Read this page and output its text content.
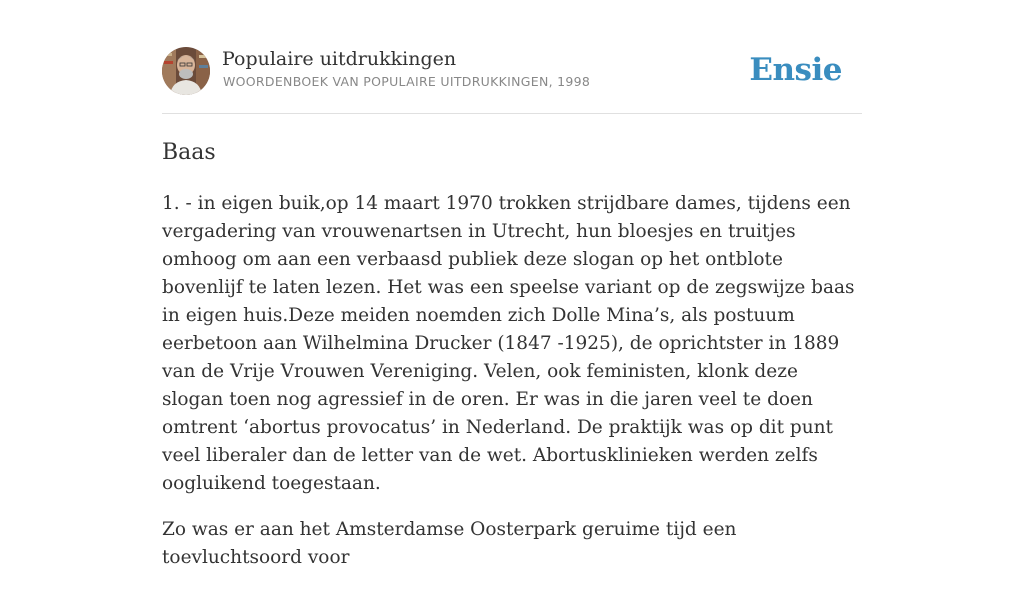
Populaire uitdrukkingen
WOORDENBOEK VAN POPULAIRE UITDRUKKINGEN, 1998	Ensie
Baas

1. - in eigen buik,op 14 maart 1970 trokken strijdbare dames, tijdens een vergadering van vrouwenartsen in Utrecht, hun bloesjes en truitjes omhoog om aan een verbaasd publiek deze slogan op het ontblote bovenlijf te laten lezen. Het was een speelse variant op de zegswijze baas in eigen huis.Deze meiden noemden zich Dolle Mina’s, als postuum eerbetoon aan Wilhelmina Drucker (1847 -1925), de oprichtster in 1889 van de Vrije Vrouwen Vereniging. Velen, ook feministen, klonk deze slogan toen nog agressief in de oren. Er was in die jaren veel te doen omtrent ‘abortus provocatus’ in Nederland. De praktijk was op dit punt veel liberaler dan de letter van de wet. Abortusklinieken werden zelfs oogluikend toegestaan.

Zo was er aan het Amsterdamse Oosterpark geruime tijd een toevluchtsoord voor
